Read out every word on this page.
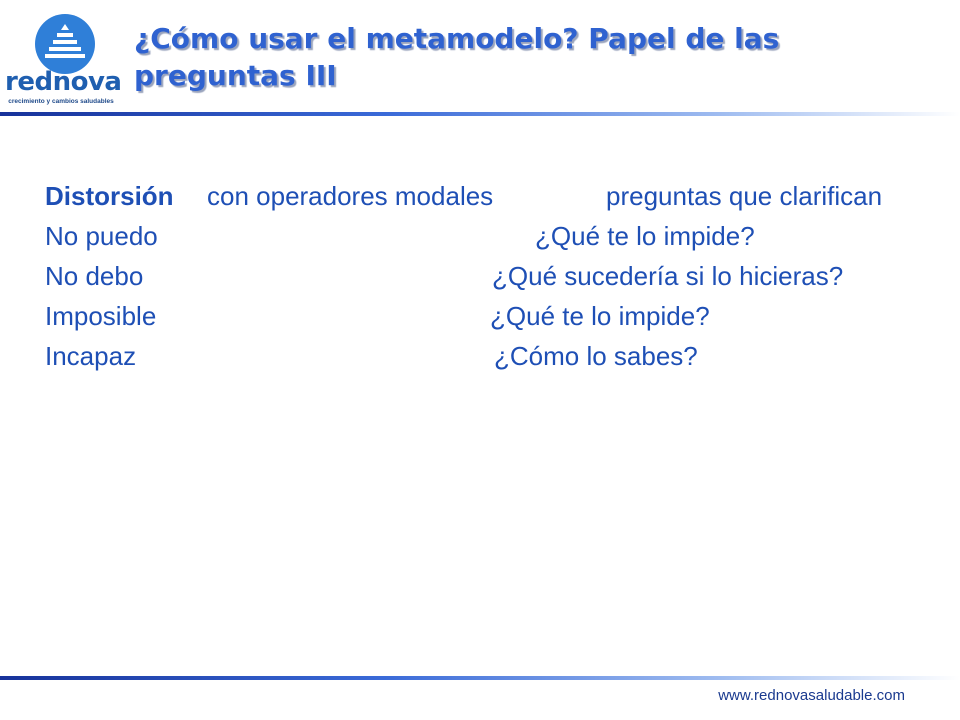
rednova
crecimiento y cambios saludables
¿Cómo usar el metamodelo? Papel de las preguntas III
Distorsión con operadores modales	preguntas que clarifican
No puedo	¿Qué te lo impide?
No debo	¿Qué sucedería si lo hicieras?
Imposible	¿Qué te lo impide?
Incapaz	¿Cómo lo sabes?
www.rednovasaludable.com
